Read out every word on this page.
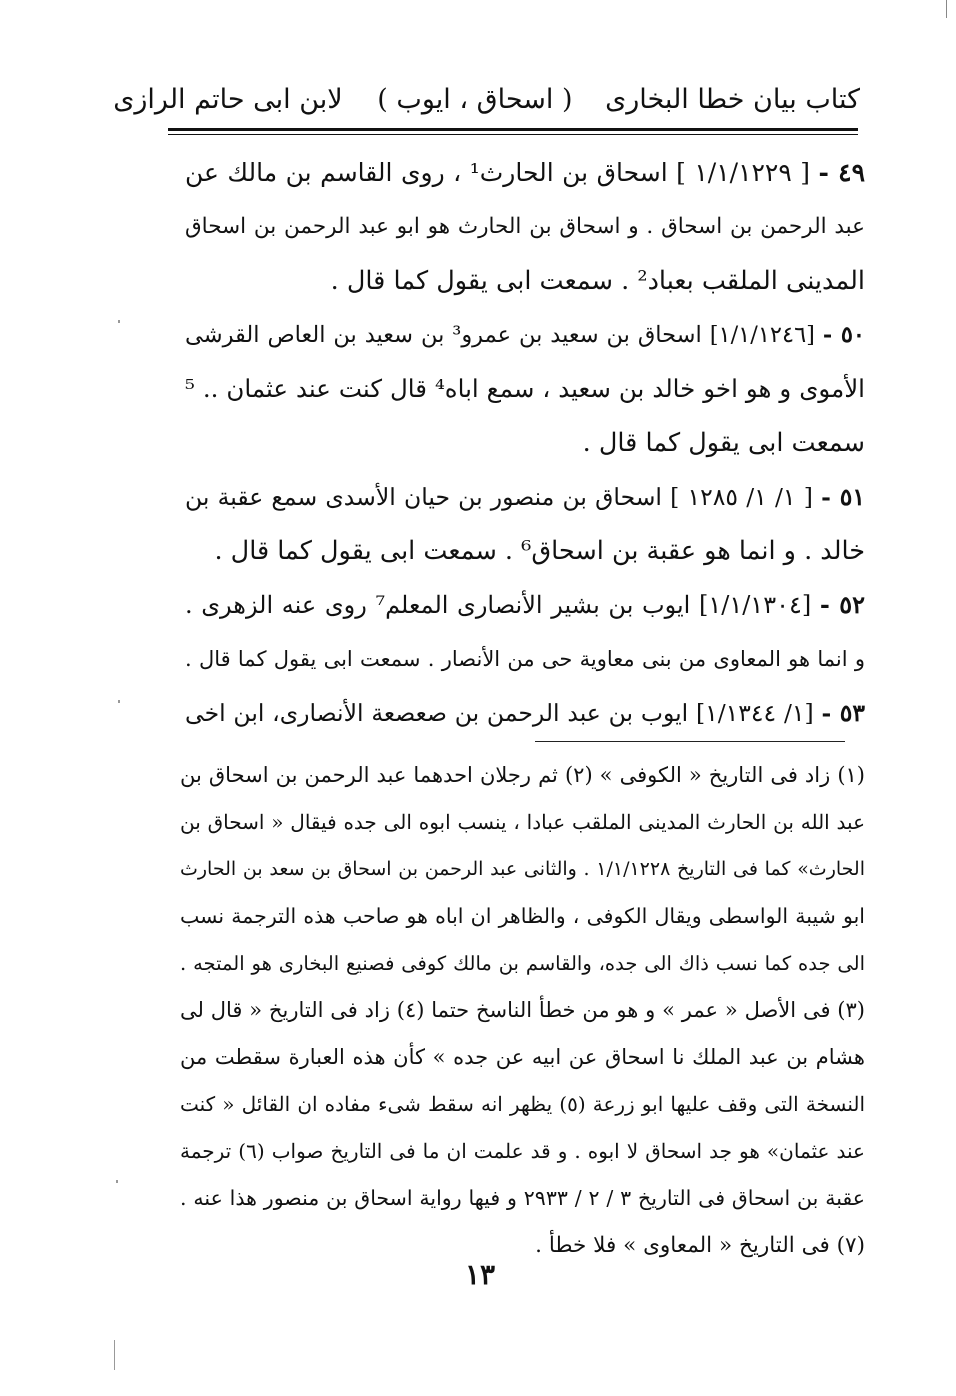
كتاب بيان خطا البخارى ( اسحاق ، ايوب ) لابن ابى حاتم الرازى
٤٩ - [ ١/١/١٢٢٩ ] اسحاق بن الحارث¹ ، روى القاسم بن مالك عن
عبد الرحمن بن اسحاق . و اسحاق بن الحارث هو ابو عبد الرحمن بن اسحاق
المدينى الملقب بعباد² . سمعت ابى يقول كما قال .
٥٠ - [١/١/١٢٤٦] اسحاق بن سعيد بن عمرو³ بن سعيد بن العاص القرشى
الأموى و هو اخو خالد بن سعيد ، سمع اباه⁴ قال كنت عند عثمان .. ⁵
سمعت ابى يقول كما قال .
٥١ - [ ١/ ١/ ١٢٨٥ ] اسحاق بن منصور بن حيان الأسدى سمع عقبة بن
خالد . و انما هو عقبة بن اسحاق⁶ . سمعت ابى يقول كما قال .
٥٢ - [١/١/١٣٠٤] ايوب بن بشير الأنصارى المعلم⁷ روى عنه الزهرى .
و انما هو المعاوى من بنى معاوية حى من الأنصار . سمعت ابى يقول كما قال .
٥٣ - [١/ ١/١٣٤٤] ايوب بن عبد الرحمن بن صعصعة الأنصارى، ابن اخى
(١) زاد فى التاريخ « الكوفى » (٢) ثم رجلان احدهما عبد الرحمن بن اسحاق بن
عبد الله بن الحارث المدينى الملقب عبادا ، ينسب ابوه الى جده فيقال « اسحاق بن
الحارث» كما فى التاريخ ١/١/١٢٢٨ . والثانى عبد الرحمن بن اسحاق بن سعد بن الحارث
ابو شيبة الواسطى ويقال الكوفى ، والظاهر ان اباه هو صاحب هذه الترجمة نسب
الى جده كما نسب ذاك الى جده، والقاسم بن مالك كوفى فصنيع البخارى هو المتجه .
(٣) فى الأصل « عمر » و هو من خطأ الناسخ حتما (٤) زاد فى التاريخ « قال لى
هشام بن عبد الملك نا اسحاق عن ابيه عن جده » كأن هذه العبارة سقطت من
النسخة التى وقف عليها ابو زرعة (٥) يظهر انه سقط شىء مفاده ان القائل « كنت
عند عثمان» هو جد اسحاق لا ابوه . و قد علمت ان ما فى التاريخ صواب (٦) ترجمة
عقبة بن اسحاق فى التاريخ ٣ / ٢ / ٢٩٣٣ و فيها رواية اسحاق بن منصور هذا عنه .
(٧) فى التاريخ « المعاوى » فلا خطأ .
١٣
